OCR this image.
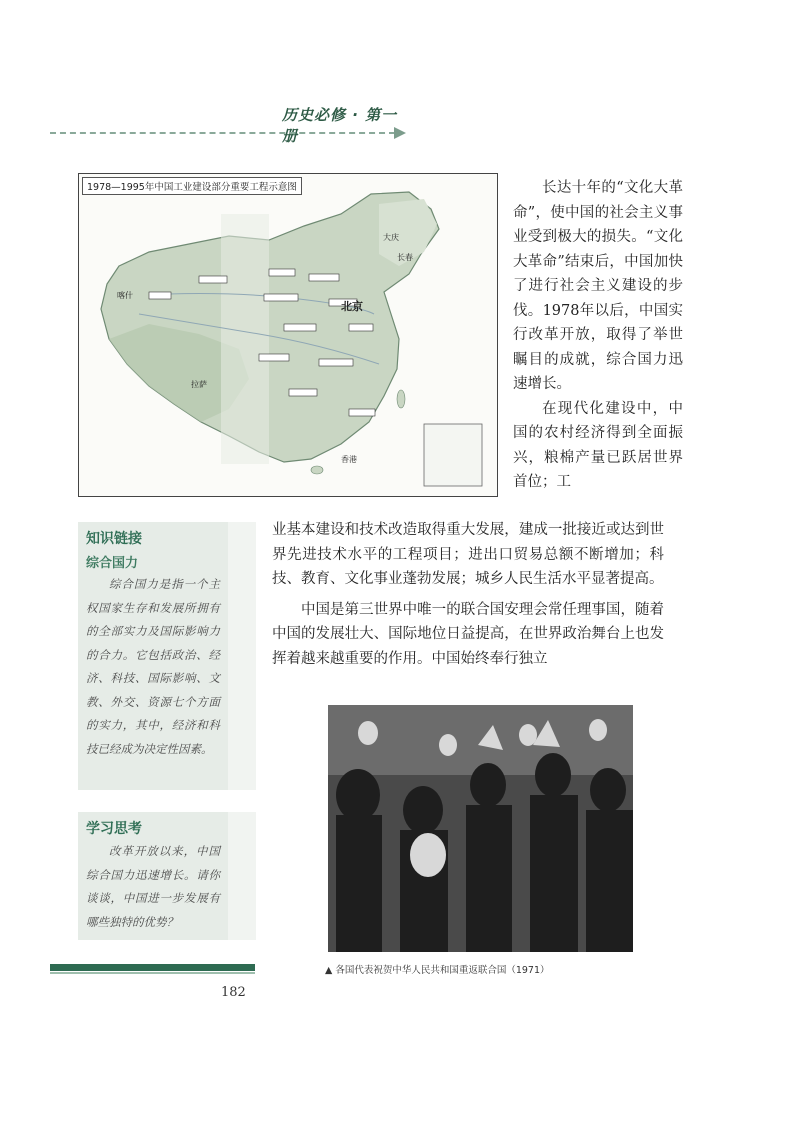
历史必修 · 第一册
1978—1995年中国工业建设部分重要工程示意图
北京
长春
大庆
喀什
拉萨
香港

长达十年的“文化大革命”，使中国的社会主义事业受到极大的损失。“文化大革命”结束后，中国加快了进行社会主义建设的步伐。1978年以后，中国实行改革开放，取得了举世瞩目的成就，综合国力迅速增长。

在现代化建设中，中国的农村经济得到全面振兴，粮棉产量已跃居世界首位；工

业基本建设和技术改造取得重大发展，建成一批接近或达到世界先进技术水平的工程项目；进出口贸易总额不断增加；科技、教育、文化事业蓬勃发展；城乡人民生活水平显著提高。

中国是第三世界中唯一的联合国安理会常任理事国，随着中国的发展壮大、国际地位日益提高，在世界政治舞台上也发挥着越来越重要的作用。中国始终奉行独立

知识链接

综合国力

综合国力是指一个主权国家生存和发展所拥有的全部实力及国际影响力的合力。它包括政治、经济、科技、国际影响、文教、外交、资源七个方面的实力，其中，经济和科技已经成为决定性因素。

学习思考

改革开放以来，中国综合国力迅速增长。请你谈谈，中国进一步发展有哪些独特的优势？

▲ 各国代表祝贺中华人民共和国重返联合国（1971）
182
